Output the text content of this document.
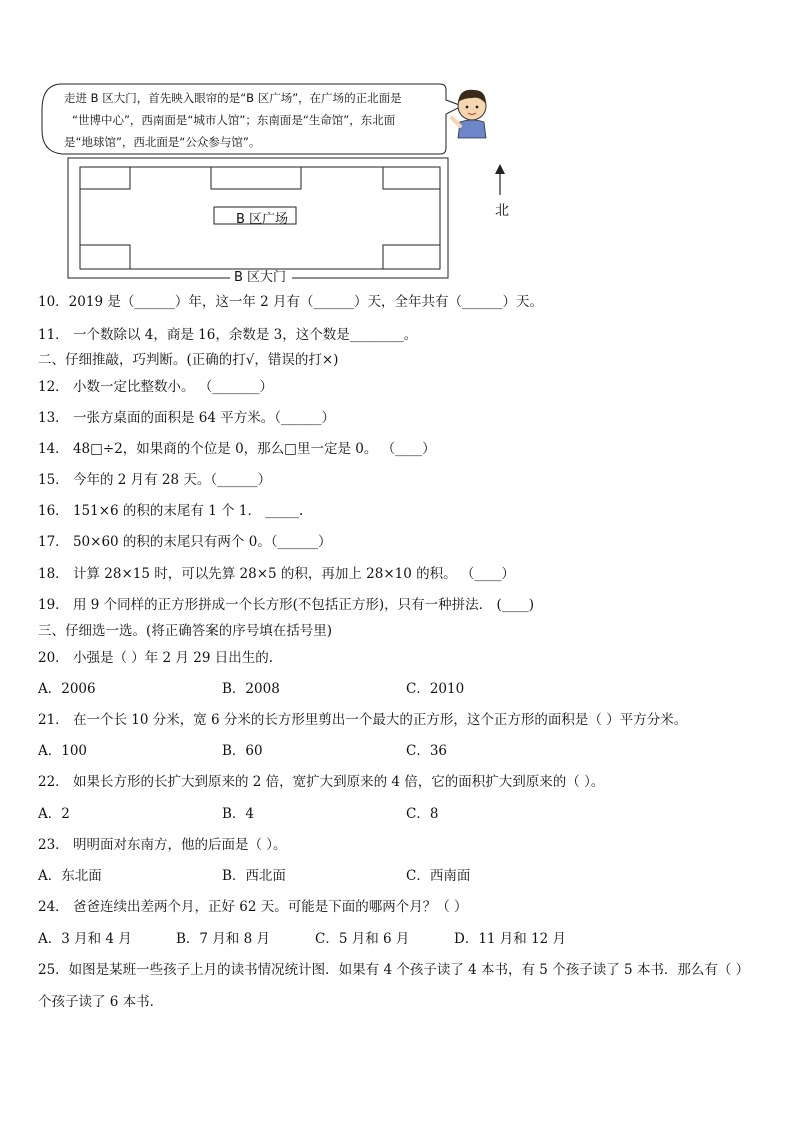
走进 B 区大门，首先映入眼帘的是“B 区广场”，在广场的正北面是
“世博中心”，西南面是“城市人馆”；东南面是“生命馆”，东北面
是“地球馆”，西北面是“公众参与馆”。
B 区广场
B 区大门
北
10．2019 是（______）年，这一年 2 月有（______）天，全年共有（______）天。
11． 一个数除以 4，商是 16，余数是 3，这个数是________。
二、仔细推敲，巧判断。(正确的打√，错误的打×)
12． 小数一定比整数小。 （_______）
13． 一张方桌面的面积是 64 平方米。（______）
14． 48□÷2，如果商的个位是 0，那么□里一定是 0。 （____）
15． 今年的 2 月有 28 天。（______）
16． 151×6 的积的末尾有 1 个 1． _____.
17． 50×60 的积的末尾只有两个 0。（______）
18． 计算 28×15 时，可以先算 28×5 的积，再加上 28×10 的积。 （____）
19． 用 9 个同样的正方形拼成一个长方形(不包括正方形)，只有一种拼法． (____)
三、仔细选一选。(将正确答案的序号填在括号里)
20． 小强是（ ）年 2 月 29 日出生的.
A．2006	B．2008	C．2010
21． 在一个长 10 分米，宽 6 分米的长方形里剪出一个最大的正方形，这个正方形的面积是（ ）平方分米。
A．100	B．60	C．36
22． 如果长方形的长扩大到原来的 2 倍，宽扩大到原来的 4 倍，它的面积扩大到原来的（ ）。
A．2	B．4	C．8
23． 明明面对东南方，他的后面是（ ）。
A．东北面	B．西北面	C．西南面
24． 爸爸连续出差两个月，正好 62 天。可能是下面的哪两个月？（ ）
A．3 月和 4 月	B．7 月和 8 月	C．5 月和 6 月	D．11 月和 12 月
25．如图是某班一些孩子上月的读书情况统计图．如果有 4 个孩子读了 4 本书，有 5 个孩子读了 5 本书．那么有（ ）
个孩子读了 6 本书．
